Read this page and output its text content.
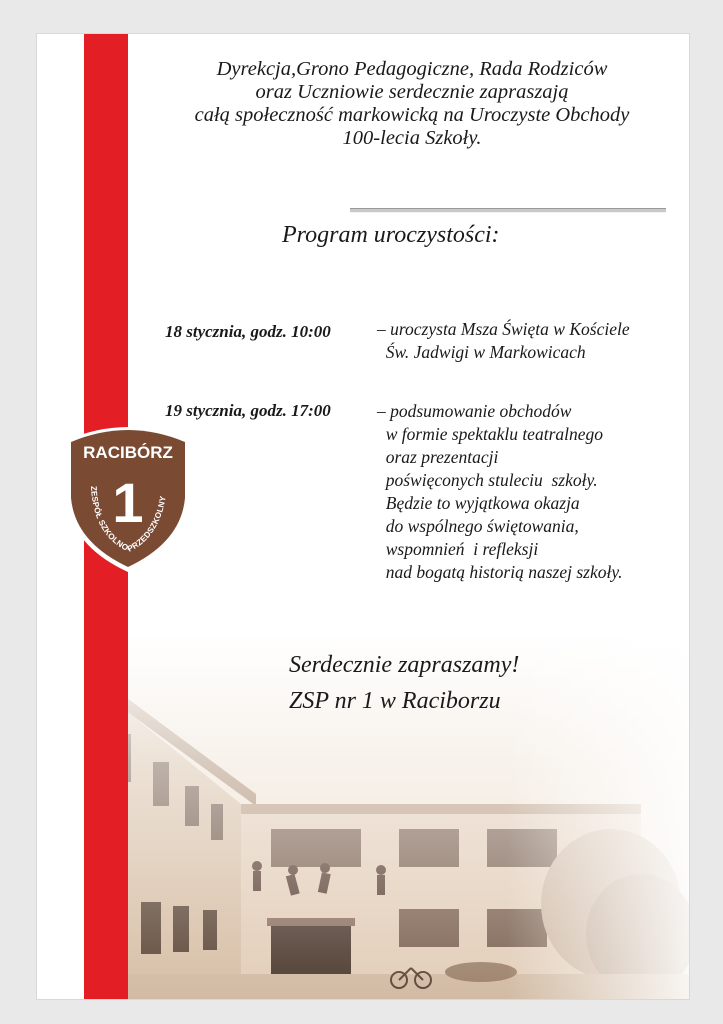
Dyrekcja,Grono Pedagogiczne, Rada Rodziców
oraz Uczniowie serdecznie zapraszają
całą społeczność markowicką na Uroczyste Obchody
100-lecia Szkoły.
Program uroczystości:
18 stycznia, godz. 10:00	– uroczysta Msza Święta w Kościele
Św. Jadwigi w Markowicach
19 stycznia, godz. 17:00	– podsumowanie obchodów
w formie spektaklu teatralnego
oraz prezentacji
poświęconych stuleciu  szkoły.
Będzie to wyjątkowa okazja
do wspólnego świętowania,
wspomnień  i refleksji
nad bogatą historią naszej szkoły.
RACIBÓRZ
1
ZESPÓŁ SZKOLNO-PRZEDSZKOLNY
Serdecznie zapraszamy!
ZSP nr 1 w Raciborzu
